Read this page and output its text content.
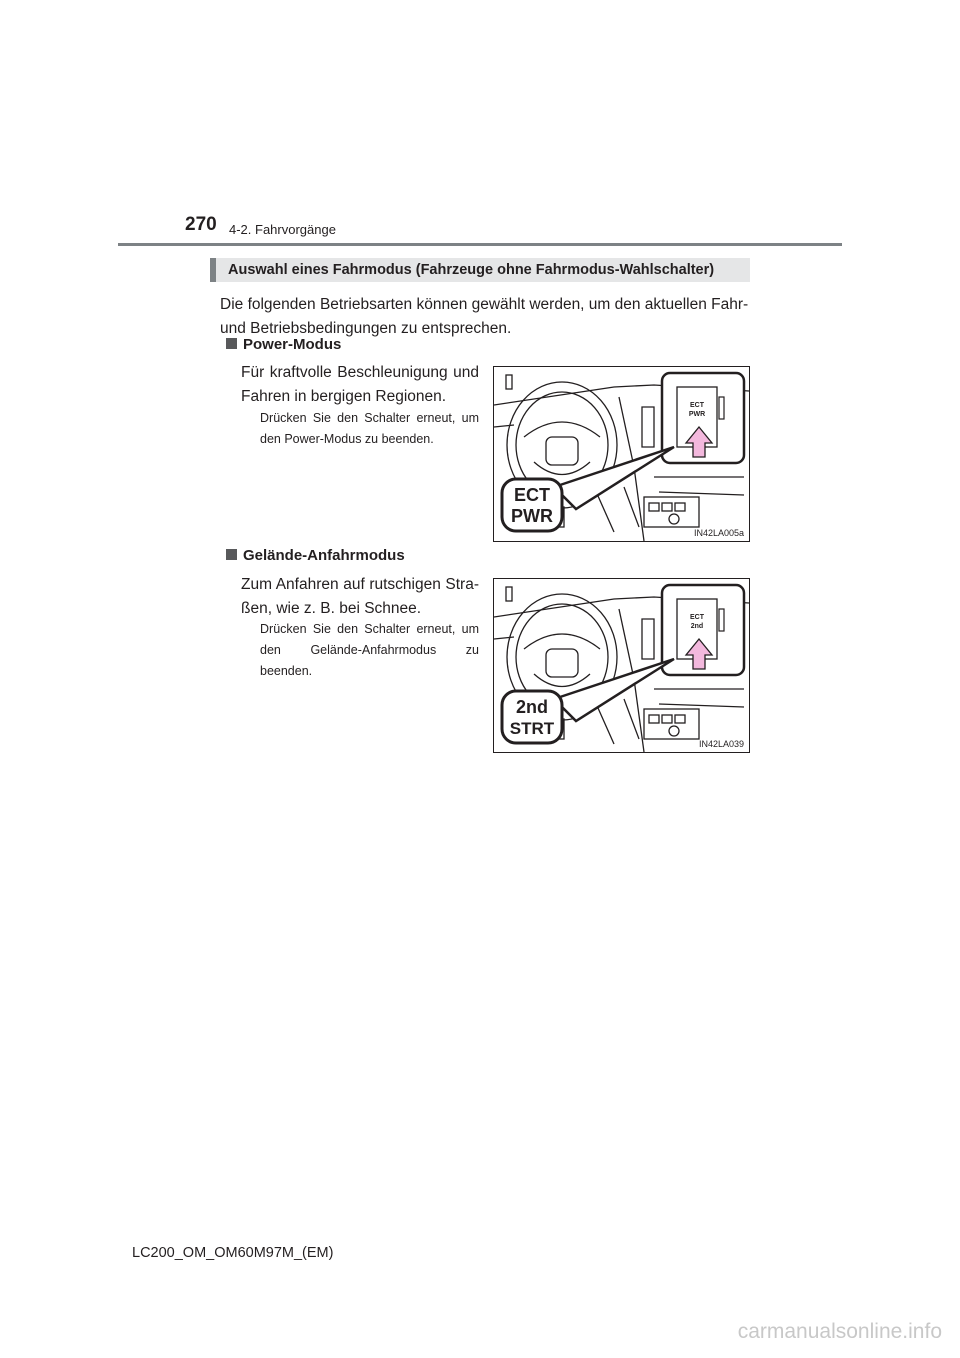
270 4-2. Fahrvorgänge
Auswahl eines Fahrmodus (Fahrzeuge ohne Fahrmodus-Wahlschalter)
Die folgenden Betriebsarten können gewählt werden, um den aktuellen Fahr- und Betriebsbedingungen zu entsprechen.
Power-Modus
Für kraftvolle Beschleunigung und Fahren in bergigen Regionen.
Drücken Sie den Schalter erneut, um den Power-Modus zu beenden.
ECT
PWR
ECT
PWR
IN42LA005a
Gelände-Anfahrmodus
Zum Anfahren auf rutschigen Stra- ßen, wie z. B. bei Schnee.
Drücken Sie den Schalter erneut, um den Gelände-Anfahrmodus zu beenden.
2nd
STRT
ECT
2nd
IN42LA039
LC200_OM_OM60M97M_(EM)
carmanualsonline.info
